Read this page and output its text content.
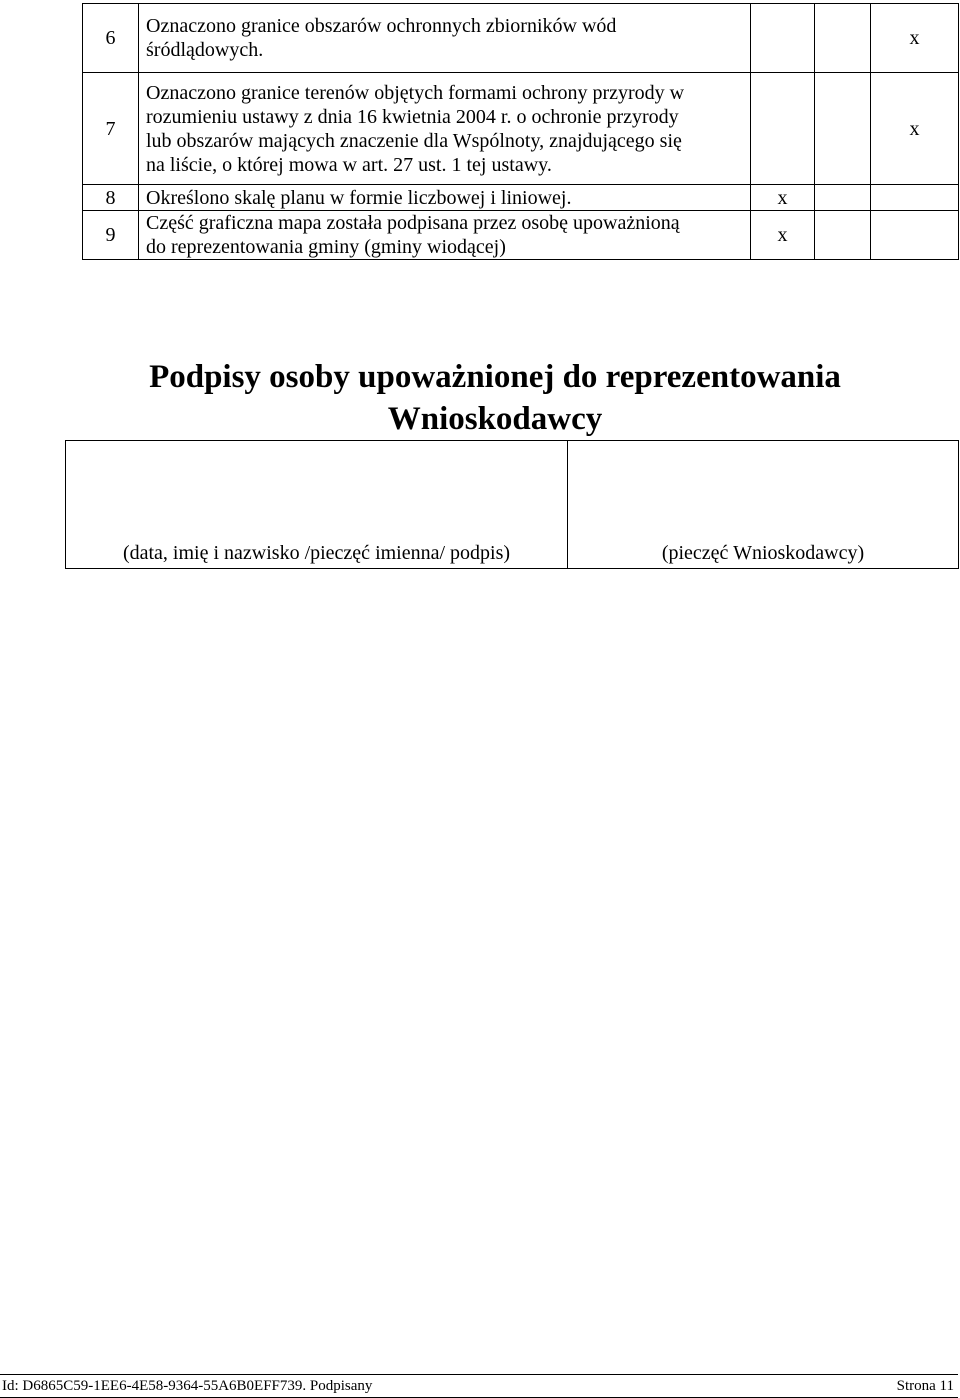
6	Oznaczono granice obszarów ochronnych zbiorników wód
śródlądowych.			x
7	Oznaczono granice terenów objętych formami ochrony przyrody w
rozumieniu ustawy z dnia 16 kwietnia 2004 r. o ochronie przyrody
lub obszarów mających znaczenie dla Wspólnoty, znajdującego się
na liście, o której mowa w art. 27 ust. 1 tej ustawy.			x
8	Określono skalę planu w formie liczbowej i liniowej.	x		
9	Część graficzna mapa została podpisana przez osobę upoważnioną
do reprezentowania gminy (gminy wiodącej)	x		
Podpisy osoby upoważnionej do reprezentowania
Wnioskodawcy
(data, imię i nazwisko /pieczęć imienna/ podpis)	(pieczęć Wnioskodawcy)
Id: D6865C59-1EE6-4E58-9364-55A6B0EFF739. Podpisany	Strona 11
